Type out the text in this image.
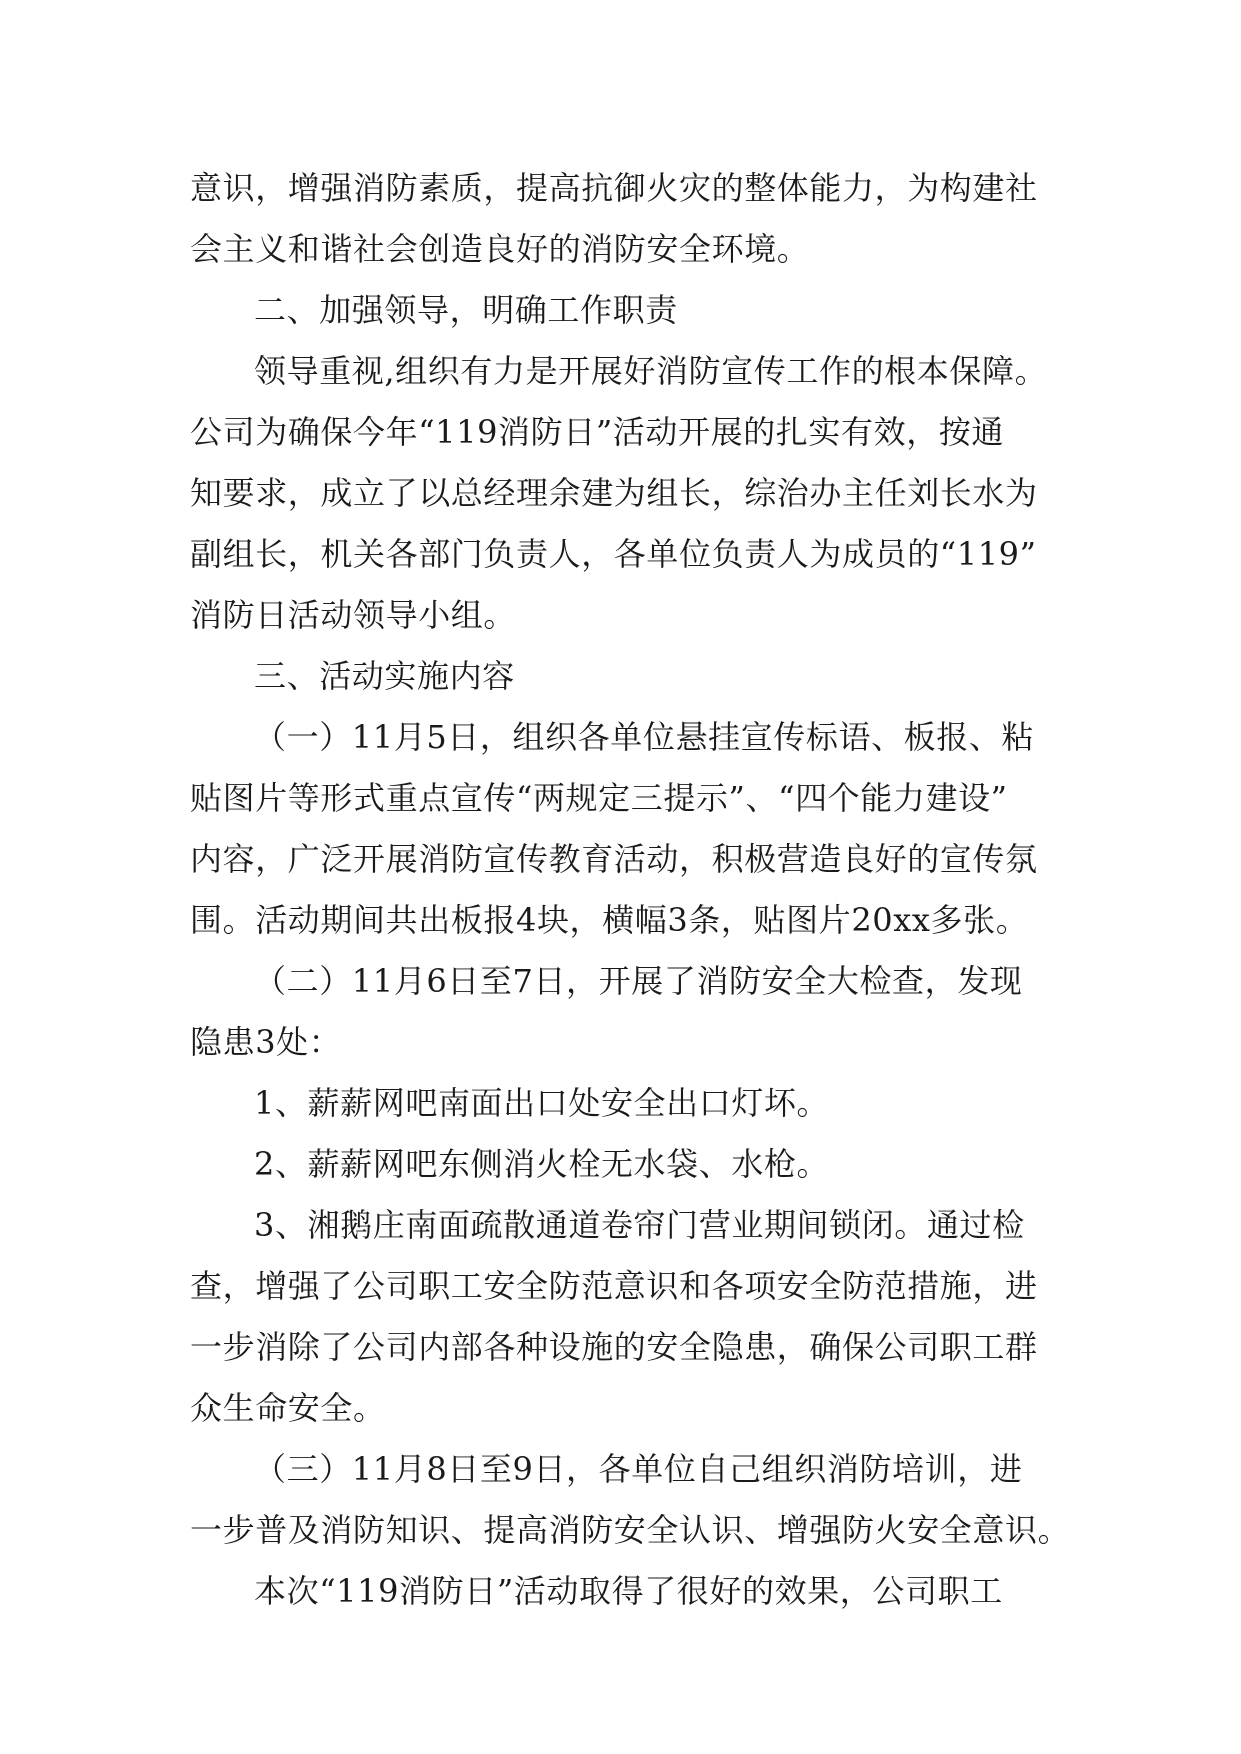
意识，增强消防素质，提高抗御火灾的整体能力，为构建社
会主义和谐社会创造良好的消防安全环境。
二、加强领导，明确工作职责
领导重视,组织有力是开展好消防宣传工作的根本保障。
公司为确保今年“119消防日”活动开展的扎实有效，按通
知要求，成立了以总经理余建为组长，综治办主任刘长水为
副组长，机关各部门负责人，各单位负责人为成员的“119”
消防日活动领导小组。
三、活动实施内容
（一）11月5日，组织各单位悬挂宣传标语、板报、粘
贴图片等形式重点宣传“两规定三提示”、“四个能力建设”
内容，广泛开展消防宣传教育活动，积极营造良好的宣传氛
围。活动期间共出板报4块，横幅3条，贴图片20xx多张。
（二）11月6日至7日，开展了消防安全大检查，发现
隐患3处：
1、薪薪网吧南面出口处安全出口灯坏。
2、薪薪网吧东侧消火栓无水袋、水枪。
3、湘鹅庄南面疏散通道卷帘门营业期间锁闭。通过检
查，增强了公司职工安全防范意识和各项安全防范措施，进
一步消除了公司内部各种设施的安全隐患，确保公司职工群
众生命安全。
（三）11月8日至9日，各单位自己组织消防培训，进
一步普及消防知识、提高消防安全认识、增强防火安全意识。
本次“119消防日”活动取得了很好的效果，公司职工
